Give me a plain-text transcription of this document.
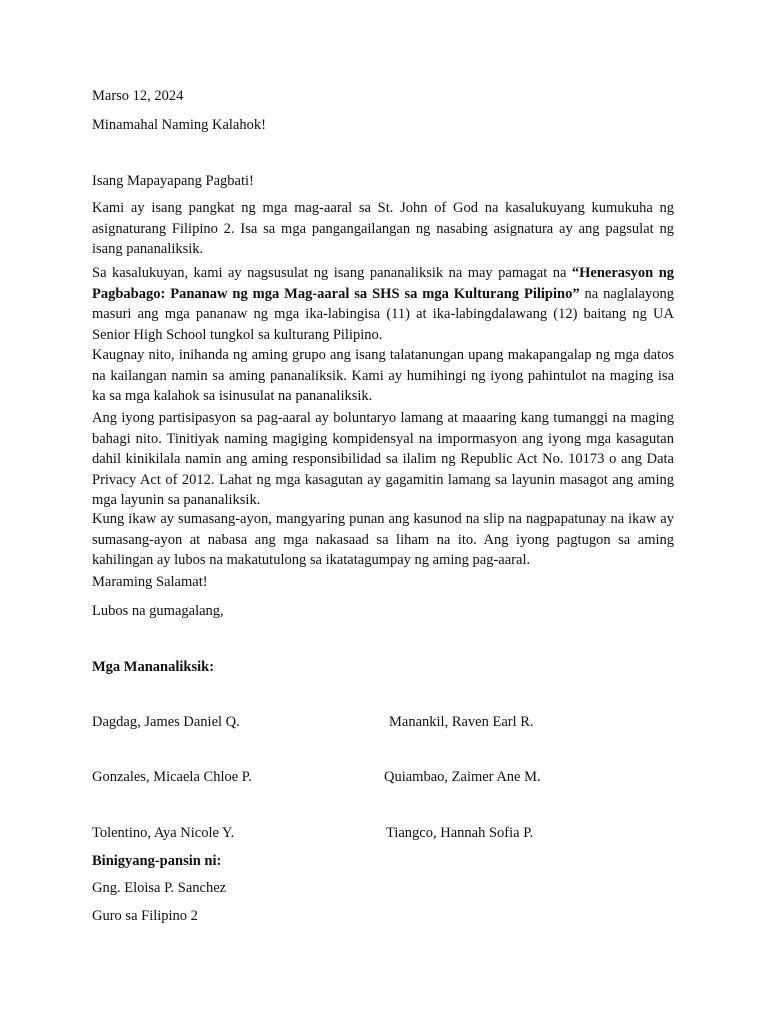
Marso 12, 2024
Minamahal Naming Kalahok!
Isang Mapayapang Pagbati!
Kami ay isang pangkat ng mga mag-aaral sa St. John of God na kasalukuyang kumukuha ng asignaturang Filipino 2. Isa sa mga pangangailangan ng nasabing asignatura ay ang pagsulat ng isang pananaliksik.
Sa kasalukuyan, kami ay nagsusulat ng isang pananaliksik na may pamagat na “Henerasyon ng Pagbabago: Pananaw ng mga Mag-aaral sa SHS sa mga Kulturang Pilipino” na naglalayong masuri ang mga pananaw ng mga ika-labingisa (11) at ika-labingdalawang (12) baitang ng UA Senior High School tungkol sa kulturang Pilipino.
Kaugnay nito, inihanda ng aming grupo ang isang talatanungan upang makapangalap ng mga datos na kailangan namin sa aming pananaliksik. Kami ay humihingi ng iyong pahintulot na maging isa ka sa mga kalahok sa isinusulat na pananaliksik.
Ang iyong partisipasyon sa pag-aaral ay boluntaryo lamang at maaaring kang tumanggi na maging bahagi nito. Tinitiyak naming magiging kompidensyal na impormasyon ang iyong mga kasagutan dahil kinikilala namin ang aming responsibilidad sa ilalim ng Republic Act No. 10173 o ang Data Privacy Act of 2012. Lahat ng mga kasagutan ay gagamitin lamang sa layunin masagot ang aming mga layunin sa pananaliksik.
Kung ikaw ay sumasang-ayon, mangyaring punan ang kasunod na slip na nagpapatunay na ikaw ay sumasang-ayon at nabasa ang mga nakasaad sa liham na ito. Ang iyong pagtugon sa aming kahilingan ay lubos na makatutulong sa ikatatagumpay ng aming pag-aaral.
Maraming Salamat!
Lubos na gumagalang,
Mga Mananaliksik:
Dagdag, James Daniel Q.	Manankil, Raven Earl R.
Gonzales, Micaela Chloe P.	Quiambao, Zaimer Ane M.
Tolentino, Aya Nicole Y.	Tiangco, Hannah Sofia P.
Binigyang-pansin ni:
Gng. Eloisa P. Sanchez
Guro sa Filipino 2
